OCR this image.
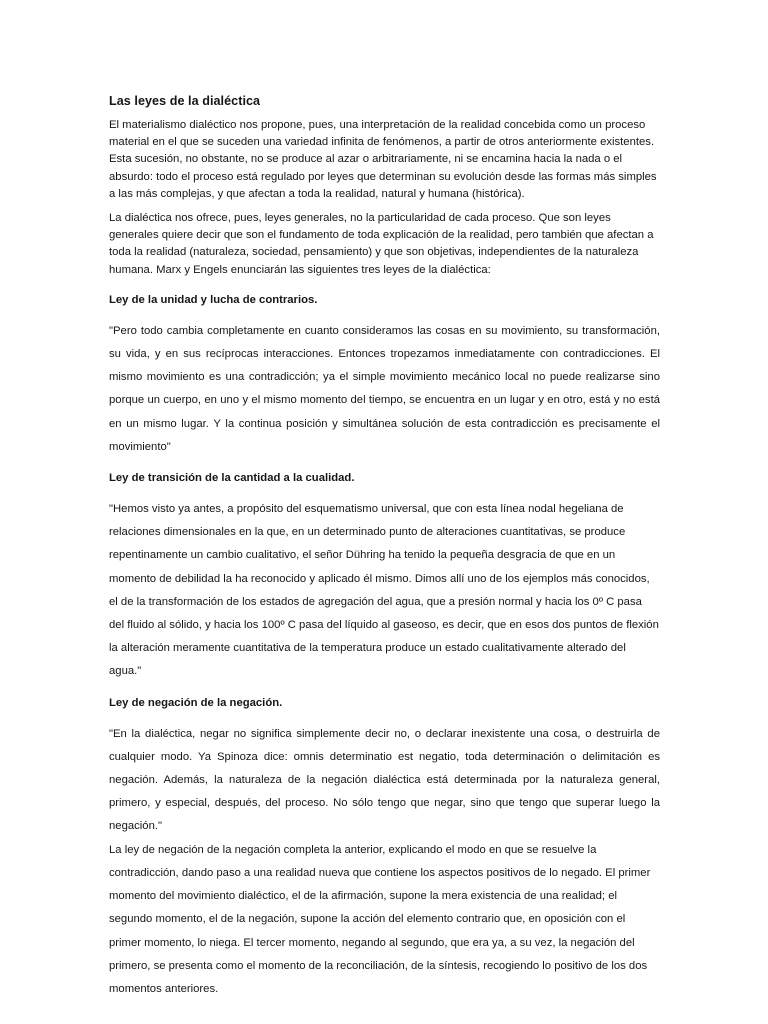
Las leyes de la dialéctica

El materialismo dialéctico nos propone, pues, una interpretación de la realidad concebida como un proceso material en el que se suceden una variedad infinita de fenómenos, a partir de otros anteriormente existentes. Esta sucesión, no obstante, no se produce al azar o arbitrariamente, ni se encamina hacia la nada o el absurdo: todo el proceso está regulado por leyes que determinan su evolución desde las formas más simples a las más complejas, y que afectan a toda la realidad, natural y humana (histórica).

La dialéctica nos ofrece, pues, leyes generales, no la particularidad de cada proceso. Que son leyes generales quiere decir que son el fundamento de toda explicación de la realidad, pero también que afectan a toda la realidad (naturaleza, sociedad, pensamiento) y que son objetivas, independientes de la naturaleza humana. Marx y Engels enunciarán las siguientes tres leyes de la dialéctica:

Ley de la unidad y lucha de contrarios.

"Pero todo cambia completamente en cuanto consideramos las cosas en su movimiento, su transformación, su vida, y en sus recíprocas interacciones. Entonces tropezamos inmediatamente con contradicciones. El mismo movimiento es una contradicción; ya el simple movimiento mecánico local no puede realizarse sino porque un cuerpo, en uno y el mismo momento del tiempo, se encuentra en un lugar y en otro, está y no está en un mismo lugar. Y la continua posición y simultánea solución de esta contradicción es precisamente el movimiento"

Ley de transición de la cantidad a la cualidad.

"Hemos visto ya antes, a propósito del esquematismo universal, que con esta línea nodal hegeliana de relaciones dimensionales en la que, en un determinado punto de alteraciones cuantitativas, se produce repentinamente un cambio cualitativo, el señor Dühring ha tenido la pequeña desgracia de que en un momento de debilidad la ha reconocido y aplicado él mismo. Dimos allí uno de los ejemplos más conocidos, el de la transformación de los estados de agregación del agua, que a presión normal y hacia los 0º C pasa del fluido al sólido, y hacia los 100º C pasa del líquido al gaseoso, es decir, que en esos dos puntos de flexión la alteración meramente cuantitativa de la temperatura produce un estado cualitativamente alterado del agua."

Ley de negación de la negación.

"En la dialéctica, negar no significa simplemente decir no, o declarar inexistente una cosa, o destruirla de cualquier modo. Ya Spinoza dice: omnis determinatio est negatio, toda determinación o delimitación es negación. Además, la naturaleza de la negación dialéctica está determinada por la naturaleza general, primero, y especial, después, del proceso. No sólo tengo que negar, sino que tengo que superar luego la negación."

La ley de negación de la negación completa la anterior, explicando el modo en que se resuelve la contradicción, dando paso a una realidad nueva que contiene los aspectos positivos de lo negado. El primer momento del movimiento dialéctico, el de la afirmación, supone la mera existencia de una realidad; el segundo momento, el de la negación, supone la acción del elemento contrario que, en oposición con el primer momento, lo niega. El tercer momento, negando al segundo, que era ya, a su vez, la negación del primero, se presenta como el momento de la reconciliación, de la síntesis, recogiendo lo positivo de los dos momentos anteriores.
